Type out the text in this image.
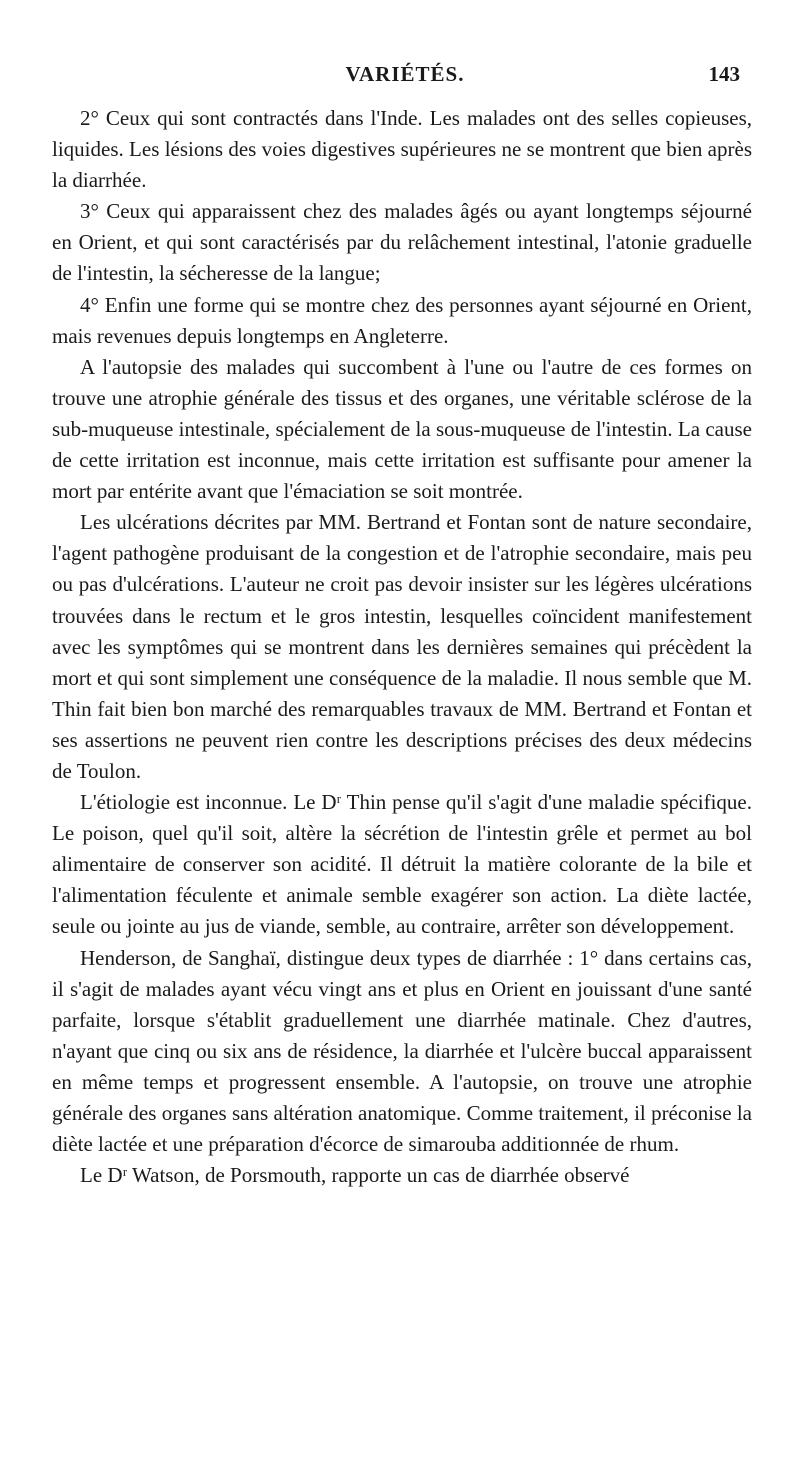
VARIÉTÉS.	143

2° Ceux qui sont contractés dans l'Inde. Les malades ont des selles copieuses, liquides. Les lésions des voies digestives supérieures ne se montrent que bien après la diarrhée.

3° Ceux qui apparaissent chez des malades âgés ou ayant longtemps séjourné en Orient, et qui sont caractérisés par du relâchement intestinal, l'atonie graduelle de l'intestin, la sécheresse de la langue;

4° Enfin une forme qui se montre chez des personnes ayant séjourné en Orient, mais revenues depuis longtemps en Angleterre.

A l'autopsie des malades qui succombent à l'une ou l'autre de ces formes on trouve une atrophie générale des tissus et des organes, une véritable sclérose de la sub-muqueuse intestinale, spécialement de la sous-muqueuse de l'intestin. La cause de cette irritation est inconnue, mais cette irritation est suffisante pour amener la mort par entérite avant que l'émaciation se soit montrée.

Les ulcérations décrites par MM. Bertrand et Fontan sont de nature secondaire, l'agent pathogène produisant de la congestion et de l'atrophie secondaire, mais peu ou pas d'ulcérations. L'auteur ne croit pas devoir insister sur les légères ulcérations trouvées dans le rectum et le gros intestin, lesquelles coïncident manifestement avec les symptômes qui se montrent dans les dernières semaines qui précèdent la mort et qui sont simplement une conséquence de la maladie. Il nous semble que M. Thin fait bien bon marché des remarquables travaux de MM. Bertrand et Fontan et ses assertions ne peuvent rien contre les descriptions précises des deux médecins de Toulon.

L'étiologie est inconnue. Le Dʳ Thin pense qu'il s'agit d'une maladie spécifique. Le poison, quel qu'il soit, altère la sécrétion de l'intestin grêle et permet au bol alimentaire de conserver son acidité. Il détruit la matière colorante de la bile et l'alimentation féculente et animale semble exagérer son action. La diète lactée, seule ou jointe au jus de viande, semble, au contraire, arrêter son développement.

Henderson, de Sanghaï, distingue deux types de diarrhée : 1° dans certains cas, il s'agit de malades ayant vécu vingt ans et plus en Orient en jouissant d'une santé parfaite, lorsque s'établit graduellement une diarrhée matinale. Chez d'autres, n'ayant que cinq ou six ans de résidence, la diarrhée et l'ulcère buccal apparaissent en même temps et progressent ensemble. A l'autopsie, on trouve une atrophie générale des organes sans altération anatomique. Comme traitement, il préconise la diète lactée et une préparation d'écorce de simarouba additionnée de rhum.

Le Dʳ Watson, de Porsmouth, rapporte un cas de diarrhée observé
